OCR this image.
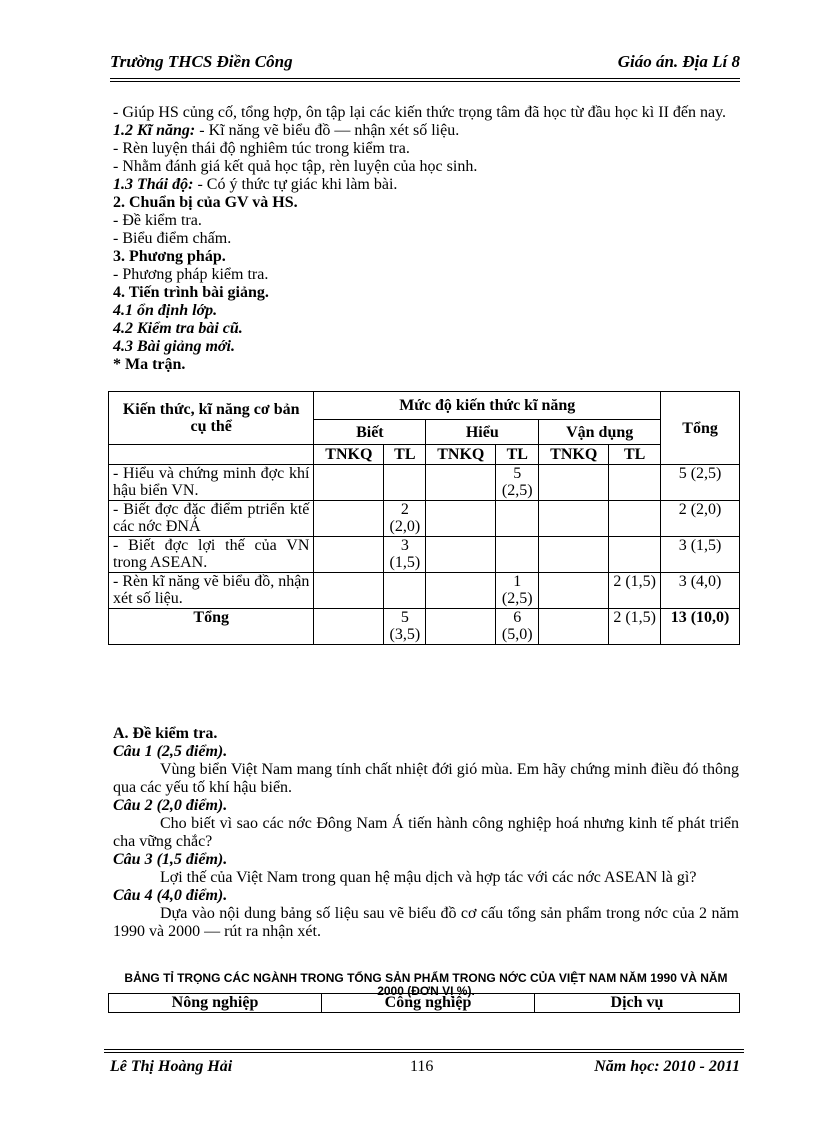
Trường THCS Điền Công	Giáo án. Địa Lí 8

- Giúp HS củng cố, tổng hợp, ôn tập lại các kiến thức trọng tâm đã học từ đầu học kì II đến nay.

1.2 Kĩ năng: - Kĩ năng vẽ biểu đồ — nhận xét số liệu.

- Rèn luyện thái độ nghiêm túc trong kiểm tra.

- Nhằm đánh giá kết quả học tập, rèn luyện của học sinh.

1.3 Thái độ: - Có ý thức tự giác khi làm bài.

2. Chuẩn bị của GV và HS.

- Đề kiểm tra.

- Biểu điểm chấm.

3. Phương pháp.

- Phương pháp kiểm tra.

4. Tiến trình bài giảng.

4.1 ổn định lớp.

4.2 Kiểm tra bài cũ.

4.3 Bài giảng mới.

* Ma trận.

Kiến thức, kĩ năng cơ bản cụ thể	Mức độ kiến thức kĩ năng						Tổng
	Biết		Hiểu		Vận dụng		
	TNKQ	TL	TNKQ	TL	TNKQ	TL	
- Hiểu và chứng minh đợc khí hậu biển VN.				5 (2,5)			5 (2,5)
- Biết đợc đặc điểm ptriển ktế các nớc ĐNÁ		2 (2,0)					2 (2,0)
- Biết đợc lợi thế của VN trong ASEAN.		3 (1,5)					3 (1,5)
- Rèn kĩ năng vẽ biểu đồ, nhận xét số liệu.				1 (2,5)		2 (1,5)	3 (4,0)
Tổng		5 (3,5)		6 (5,0)		2 (1,5)	13 (10,0)

A. Đề kiểm tra.

Câu 1 (2,5 điểm).

Vùng biển Việt Nam mang tính chất nhiệt đới gió mùa. Em hãy chứng minh điều đó thông qua các yếu tố khí hậu biển.

Câu 2 (2,0 điểm).

Cho biết vì sao các nớc Đông Nam Á tiến hành công nghiệp hoá nhưng kinh tế phát triển cha vững chắc?

Câu 3 (1,5 điểm).

Lợi thế của Việt Nam trong quan hệ mậu dịch và hợp tác với các nớc ASEAN là gì?

Câu 4 (4,0 điểm).

Dựa vào nội dung bảng số liệu sau vẽ biểu đồ cơ cấu tổng sản phẩm trong nớc của 2 năm 1990 và 2000 — rút ra nhận xét.

BẢNG TỈ TRỌNG CÁC NGÀNH TRONG TỔNG SẢN PHẨM TRONG NỚC CỦA VIỆT NAM NĂM 1990 VÀ NĂM 2000 (ĐƠN VỊ %).
Nông nghiệp	Công nghiệp	Dịch vụ
Lê Thị Hoàng Hải	116	Năm học: 2010 - 2011
